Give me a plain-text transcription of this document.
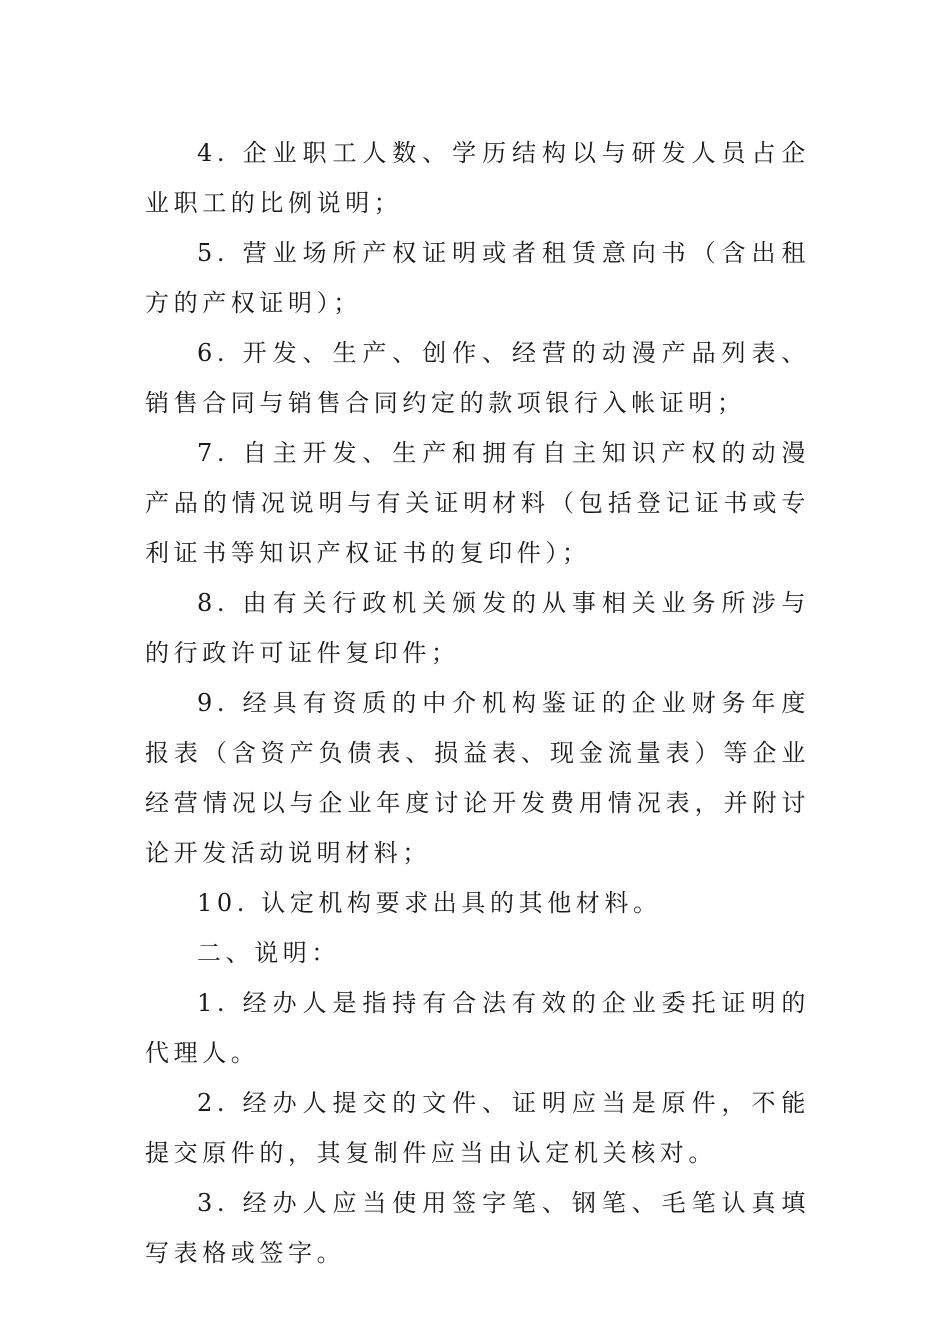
4. 企业职工人数、学历结构以与研发人员占企业职工的比例说明；

5. 营业场所产权证明或者租赁意向书（含出租方的产权证明）；

6. 开发、生产、创作、经营的动漫产品列表、销售合同与销售合同约定的款项银行入帐证明；

7. 自主开发、生产和拥有自主知识产权的动漫产品的情况说明与有关证明材料（包括登记证书或专利证书等知识产权证书的复印件）；

8. 由有关行政机关颁发的从事相关业务所涉与的行政许可证件复印件；

9. 经具有资质的中介机构鉴证的企业财务年度报表（含资产负债表、损益表、现金流量表）等企业经营情况以与企业年度讨论开发费用情况表，并附讨论开发活动说明材料；

10. 认定机构要求出具的其他材料。

二、说明：

1. 经办人是指持有合法有效的企业委托证明的代理人。

2. 经办人提交的文件、证明应当是原件，不能提交原件的，其复制件应当由认定机关核对。

3. 经办人应当使用签字笔、钢笔、毛笔认真填写表格或签字。
